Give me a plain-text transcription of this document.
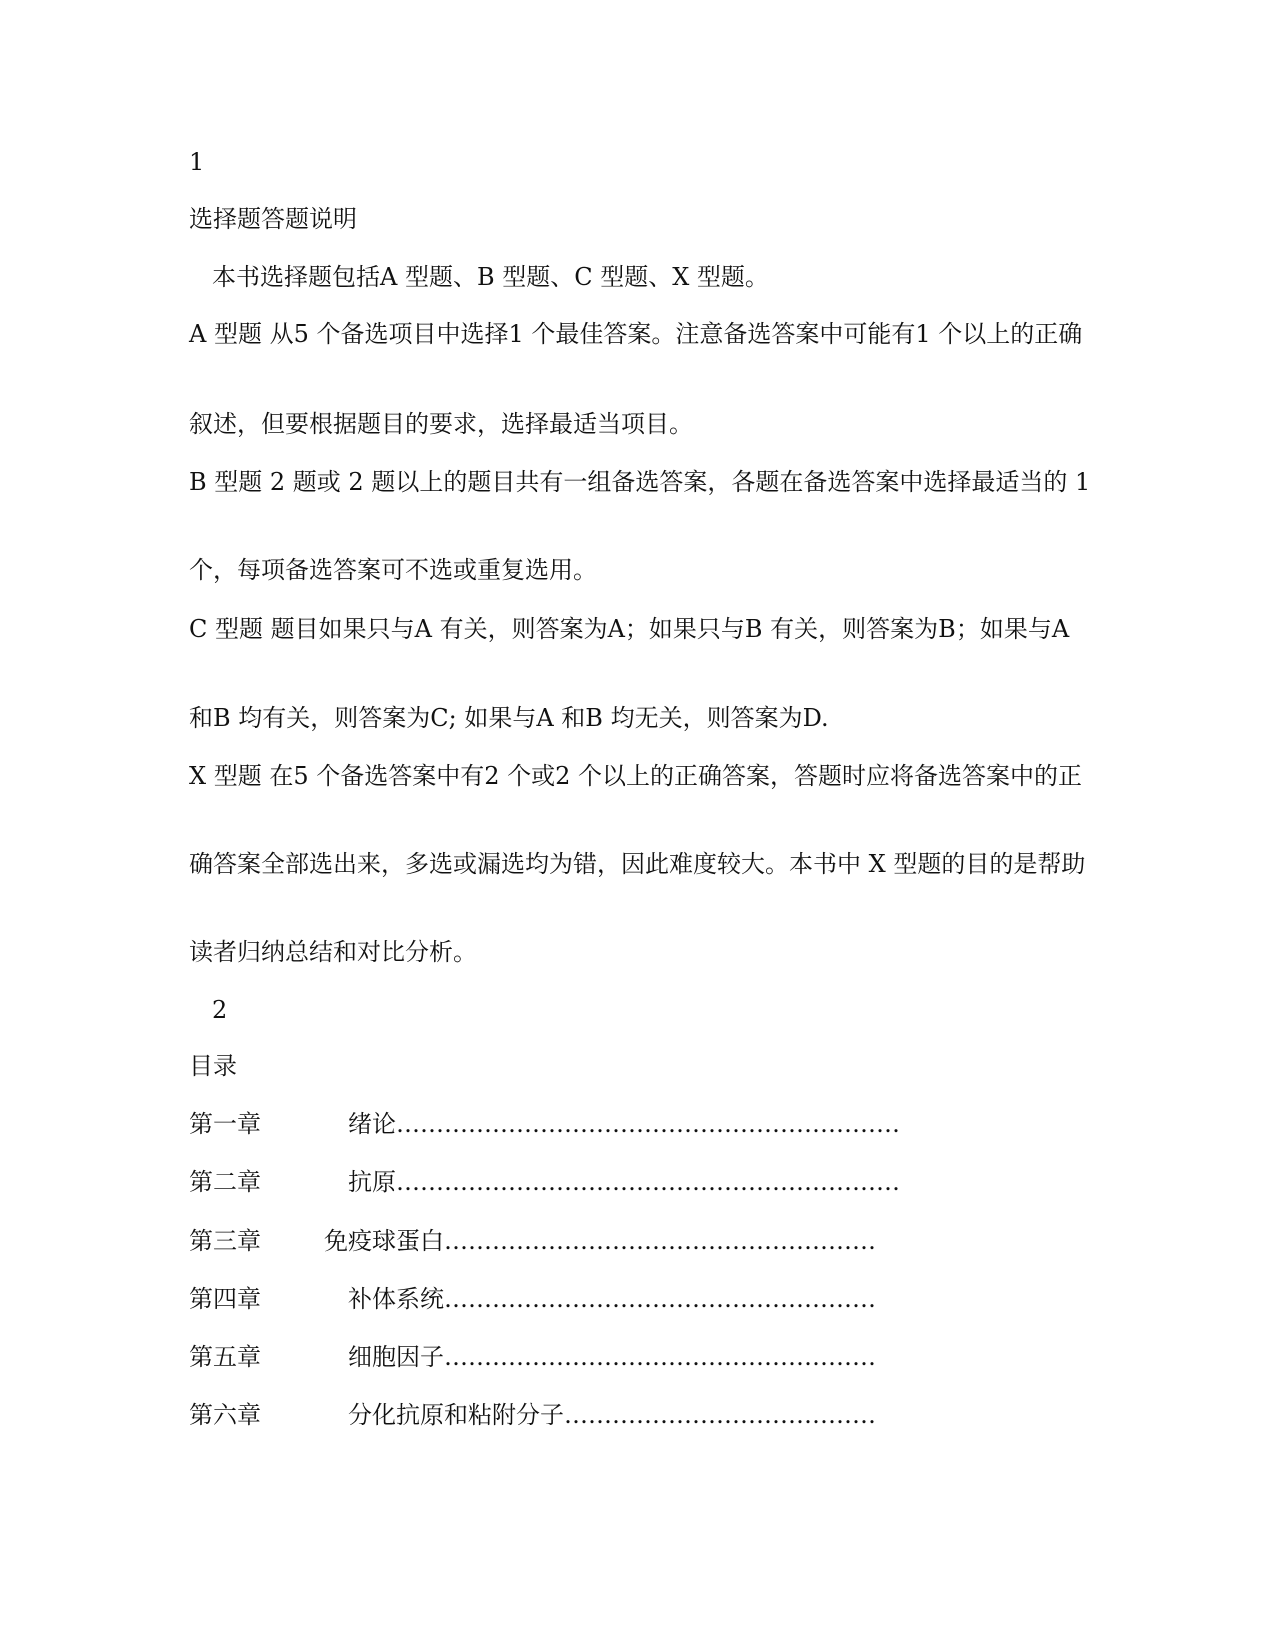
1
选择题答题说明
本书选择题包括A 型题、B 型题、C 型题、X 型题。
A 型题 从5 个备选项目中选择1 个最佳答案。注意备选答案中可能有1 个以上的正确
叙述，但要根据题目的要求，选择最适当项目。
B 型题 2 题或 2 题以上的题目共有一组备选答案，各题在备选答案中选择最适当的 1
个，每项备选答案可不选或重复选用。
C 型题 题目如果只与A 有关，则答案为A；如果只与B 有关，则答案为B；如果与A
和B 均有关，则答案为C; 如果与A 和B 均无关，则答案为D.
X 型题 在5 个备选答案中有2 个或2 个以上的正确答案，答题时应将备选答案中的正
确答案全部选出来，多选或漏选均为错，因此难度较大。本书中 X 型题的目的是帮助
读者归纳总结和对比分析。
2
目录
第一章	绪论………………………………………………………
第二章	抗原………………………………………………………
第三章	免疫球蛋白………………………………………………
第四章	补体系统………………………………………………
第五章	细胞因子………………………………………………
第六章	分化抗原和粘附分子…………………………………
